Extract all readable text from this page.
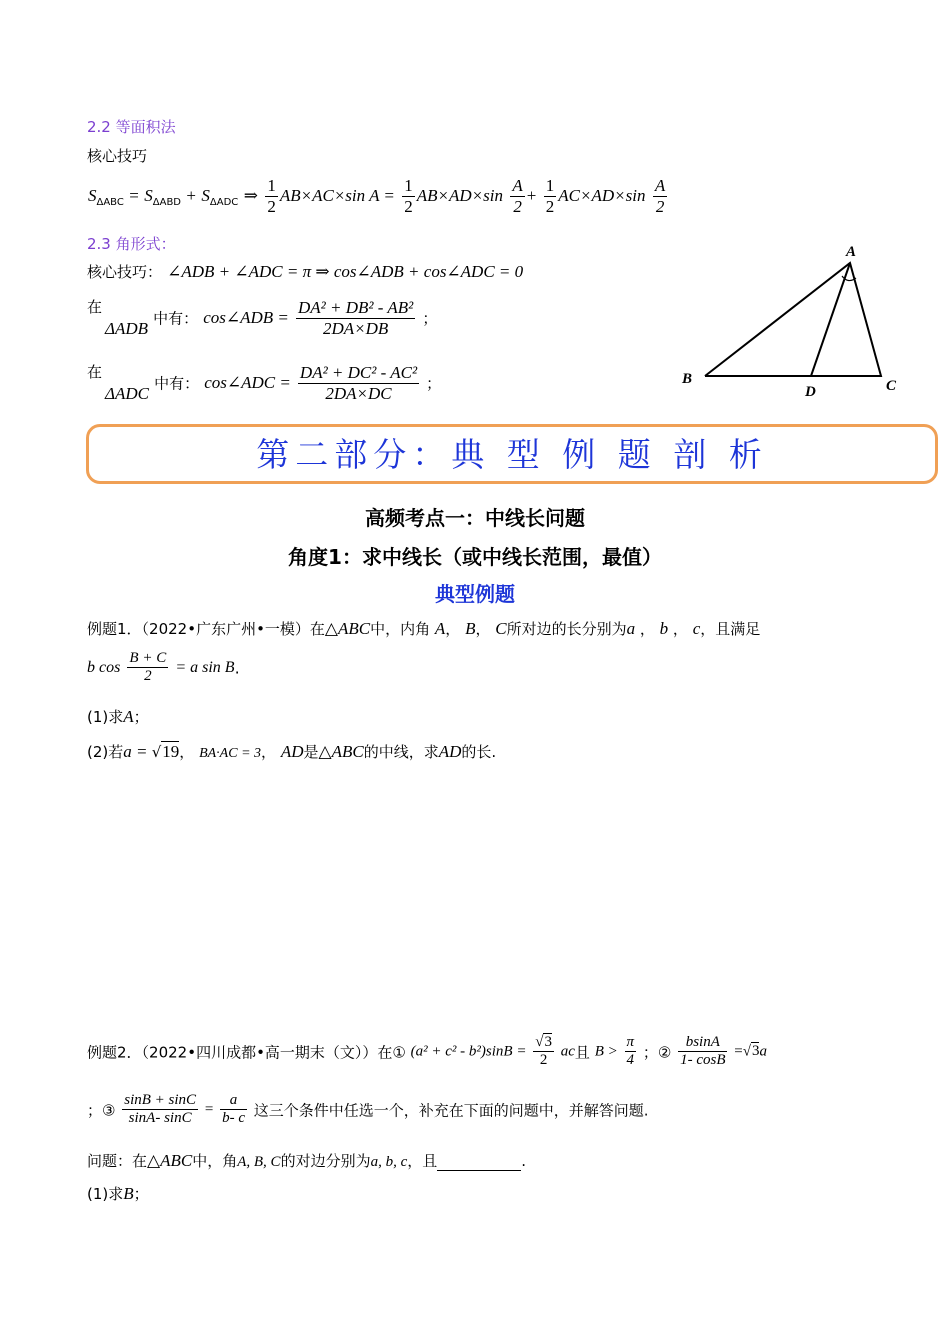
2.2 等面积法
核心技巧
$S_{\Delta ABC} = S_{\Delta ABD} + S_{\Delta ADC}$ ⇒ $\frac{1}{2} AB\times AC\times\sin$ $A = \frac{1}{2} AB\times AD\times\sin \frac{A}{2} + \frac{1}{2} AC\times AD\times\sin \frac{A}{2}$
2.3 角形式：
核心技巧： ∠ADB + ∠ADC = π ⇒ cos∠ADB + cos∠ADC = 0
在
ΔADB 中有： cos∠ADB = $\frac{\text{DA² + DB² - AB²}}{2DA\times DB}$ ；
在
ΔADC 中有： cos∠ADC = $\frac{\text{DA² + DC² - AC²}}{2DA\times DC}$ ；
A
B	C
D
第二部分：典 型 例 题 剖 析
高频考点一：中线长问题
角度1：求中线长（或中线长范围，最值）
典型例题
例题1．（2022•广东广州•一模）在△ABC中，内角 A， B， C所对边的长分别为a ， b ， c，且满足
b $\cos \frac{B + C}{2} = a$ sin B.
(1)求A；
(2)若a = √19， BA·AC = 3， AD是△ABC的中线，求AD的长.
例题2．（2022•四川成都•高一期末（文））在① $(a^2 + c^2 - b^2)\sin B = \frac{√3}{2}$ ac且 $B > \frac{\pi}{4}$ ；② $\frac{bsinA}{1- \cos B} =√3a$
；③ $\frac{\sin B + \sin C}{\sin A- \sin C} = \frac{a}{b- c}$ 这三个条件中任选一个，补充在下面的问题中，并解答问题.
问题：在△ABC中，角A, B, C的对边分别为a, b, c，且	.
(1)求B；
